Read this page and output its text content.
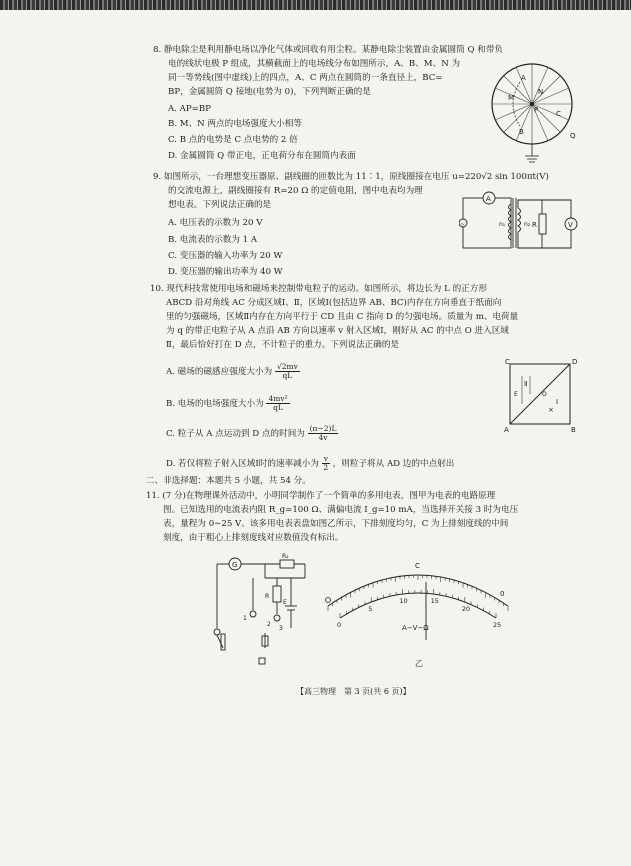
8. 静电除尘是利用静电场以净化气体或回收有用尘粒。某静电除尘装置由金属圆筒 Q 和带负
电的线状电极 P 组成，其横截面上的电场线分布如图所示，A、B、M、N 为
同一等势线(图中虚线)上的四点，A、C 两点在圆筒的一条直径上，BC=
BP，金属圆筒 Q 接地(电势为 0)，下列判断正确的是
A. AP=BP
B. M、N 两点的电场强度大小相等
C. B 点的电势是 C 点电势的 2 倍
D. 金属圆筒 Q 带正电，正电荷分布在圆筒内表面
A
B
M
N
C
P
Q
9. 如图所示，一台理想变压器原、副线圈的匝数比为 11∶1，原线圈接在电压 u=220√2 sin 100πt(V)
的交流电源上，副线圈接有 R=20 Ω 的定值电阻，图中电表均为理
想电表。下列说法正确的是
A. 电压表的示数为 20 V
B. 电流表的示数为 1 A
C. 变压器的输入功率为 20 W
D. 变压器的输出功率为 40 W
A
n₁	n₂ R	V
~
10. 现代科技常使用电场和磁场来控制带电粒子的运动。如图所示，将边长为 L 的正方形
ABCD 沿对角线 AC 分成区域Ⅰ、Ⅱ，区域Ⅰ(包括边界 AB、BC)内存在方向垂直于纸面向
里的匀强磁场，区域Ⅱ内存在方向平行于 CD 且由 C 指向 D 的匀强电场。质量为 m、电荷量
为 q 的带正电粒子从 A 点沿 AB 方向以速率 v 射入区域Ⅰ，刚好从 AC 的中点 O 进入区域
Ⅱ，最后恰好打在 D 点，不计粒子的重力。下列说法正确的是
A. 磁场的磁感应强度大小为 $\frac{√2mv}{qL}$
B. 电场的电场强度大小为 $\frac{\text{4mv²}}{qL}$
C. 粒子从 A 点运动到 D 点的时间为 $\frac{(\pi-2)L}{4v}$
D. 若仅将粒子射入区域Ⅰ时的速率减小为 $\frac{v}{2}$ ，则粒子将从 AD 边的中点射出
C	D
A	B
Ⅱ
Ⅰ
E	O
×
二、非选择题：本题共 5 小题，共 54 分。
11. (7 分)在物理课外活动中，小明同学制作了一个简单的多用电表，图甲为电表的电路原理
图。已知选用的电流表内阻 R_g=100 Ω、满偏电流 I_g=10 mA，当选择开关接 3 时为电压
表，量程为 0∼25 V。该多用电表表盘如图乙所示，下排刻度均匀，C 为上排刻度线的中间
刻度，由于粗心上排刻度线对应数值没有标出。
G
R₂
R
E
1
2
3
C
0
A−V−Ω
乙
0
5
10	15
20
25
【高三物理　第 3 页(共 6 页)】
